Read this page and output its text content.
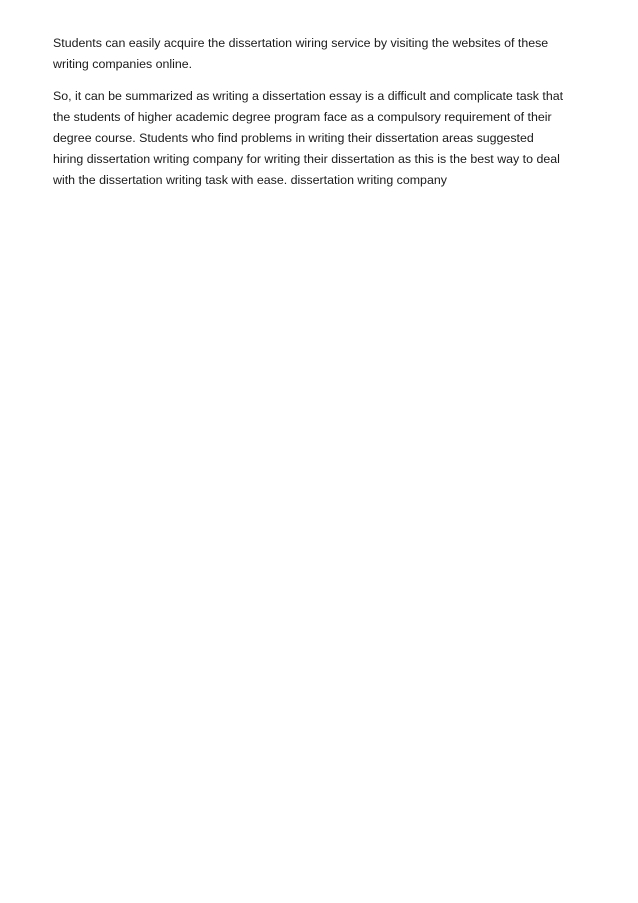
Students can easily acquire the dissertation wiring service by visiting the websites of these
writing companies online.
So, it can be summarized as writing a dissertation essay is a difficult and complicate task that
the students of higher academic degree program face as a compulsory requirement of their
degree course. Students who find problems in writing their dissertation areas suggested
hiring dissertation writing company for writing their dissertation as this is the best way to deal
with the dissertation writing task with ease. dissertation writing company
